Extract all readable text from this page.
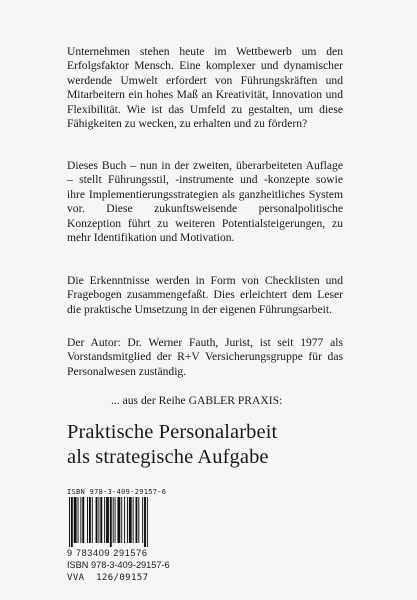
Unternehmen stehen heute im Wettbewerb um den Erfolgsfaktor Mensch. Eine komplexer und dynamischer werdende Umwelt erfordert von Führungskräften und Mitarbeitern ein hohes Maß an Kreativität, Innovation und Flexibilität. Wie ist das Umfeld zu gestalten, um diese Fähigkeiten zu wecken, zu erhalten und zu fördern?

Dieses Buch – nun in der zweiten, überarbeiteten Auflage – stellt Führungsstil, -instrumente und -konzepte sowie ihre Implementierungsstrategien als ganzheitliches System vor. Diese zukunftsweisende personalpolitische Konzeption führt zu weiteren Potentialsteigerungen, zu mehr Identifikation und Motivation.

Die Erkenntnisse werden in Form von Checklisten und Fragebogen zusammengefaßt. Dies erleichtert dem Leser die praktische Umsetzung in der eigenen Führungsarbeit.

Der Autor: Dr. Werner Fauth, Jurist, ist seit 1977 als Vorstandsmitglied der R+V Versicherungsgruppe für das Personalwesen zuständig.

... aus der Reihe GABLER PRAXIS:
Praktische Personalarbeit
als strategische Aufgabe
ISBN 978-3-409-29157-6
9 783409 291576
ISBN 978-3-409-29157-6
VVA  126/09157
